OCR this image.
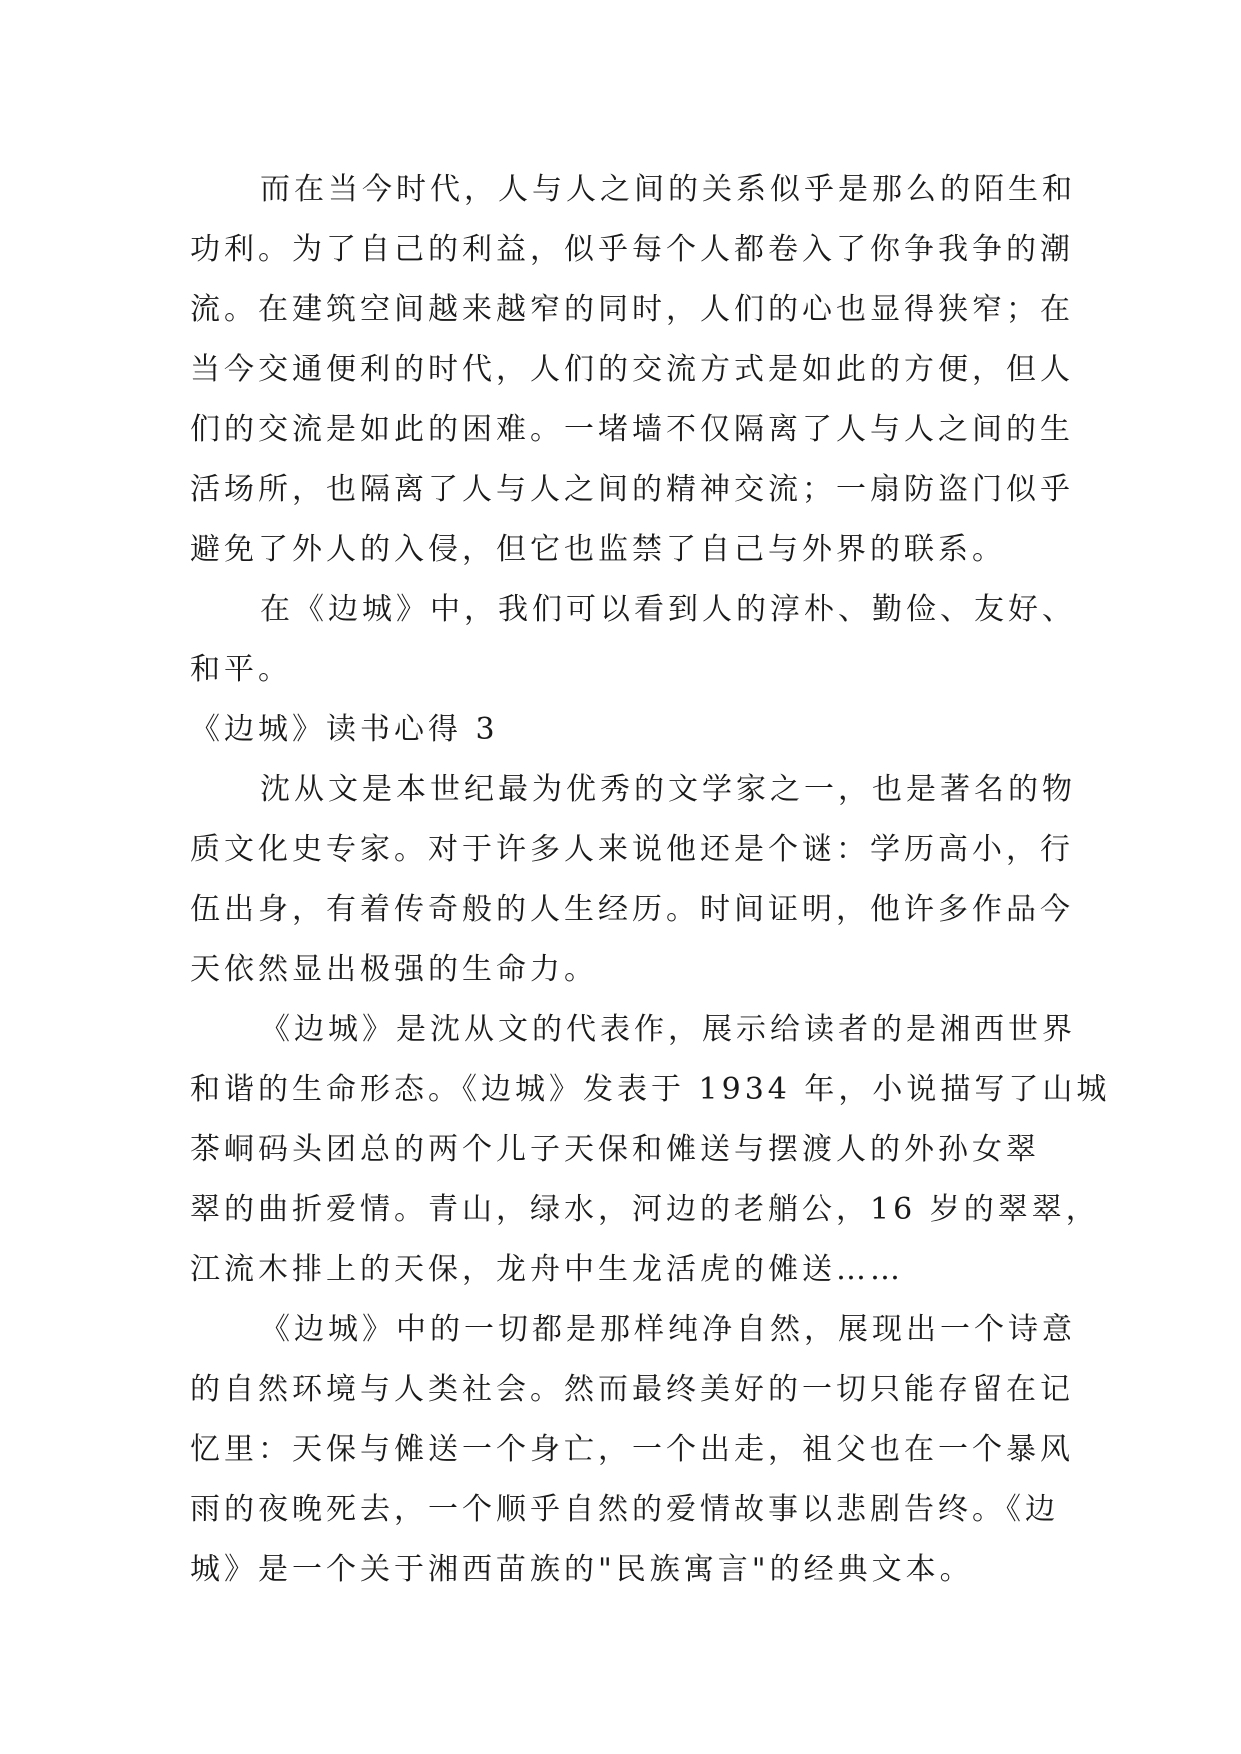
而在当今时代，人与人之间的关系似乎是那么的陌生和
功利。为了自己的利益，似乎每个人都卷入了你争我争的潮
流。在建筑空间越来越窄的同时，人们的心也显得狭窄；在
当今交通便利的时代，人们的交流方式是如此的方便，但人
们的交流是如此的困难。一堵墙不仅隔离了人与人之间的生
活场所，也隔离了人与人之间的精神交流；一扇防盗门似乎
避免了外人的入侵，但它也监禁了自己与外界的联系。
在《边城》中，我们可以看到人的淳朴、勤俭、友好、
和平。
《边城》读书心得 3
沈从文是本世纪最为优秀的文学家之一，也是著名的物
质文化史专家。对于许多人来说他还是个谜：学历高小，行
伍出身，有着传奇般的人生经历。时间证明，他许多作品今
天依然显出极强的生命力。
《边城》是沈从文的代表作，展示给读者的是湘西世界
和谐的生命形态。《边城》发表于 1934 年，小说描写了山城
茶峒码头团总的两个儿子天保和傩送与摆渡人的外孙女翠
翠的曲折爱情。青山，绿水，河边的老艄公，16 岁的翠翠，
江流木排上的天保，龙舟中生龙活虎的傩送……
《边城》中的一切都是那样纯净自然，展现出一个诗意
的自然环境与人类社会。然而最终美好的一切只能存留在记
忆里：天保与傩送一个身亡，一个出走，祖父也在一个暴风
雨的夜晚死去，一个顺乎自然的爱情故事以悲剧告终。《边
城》是一个关于湘西苗族的"民族寓言"的经典文本。
